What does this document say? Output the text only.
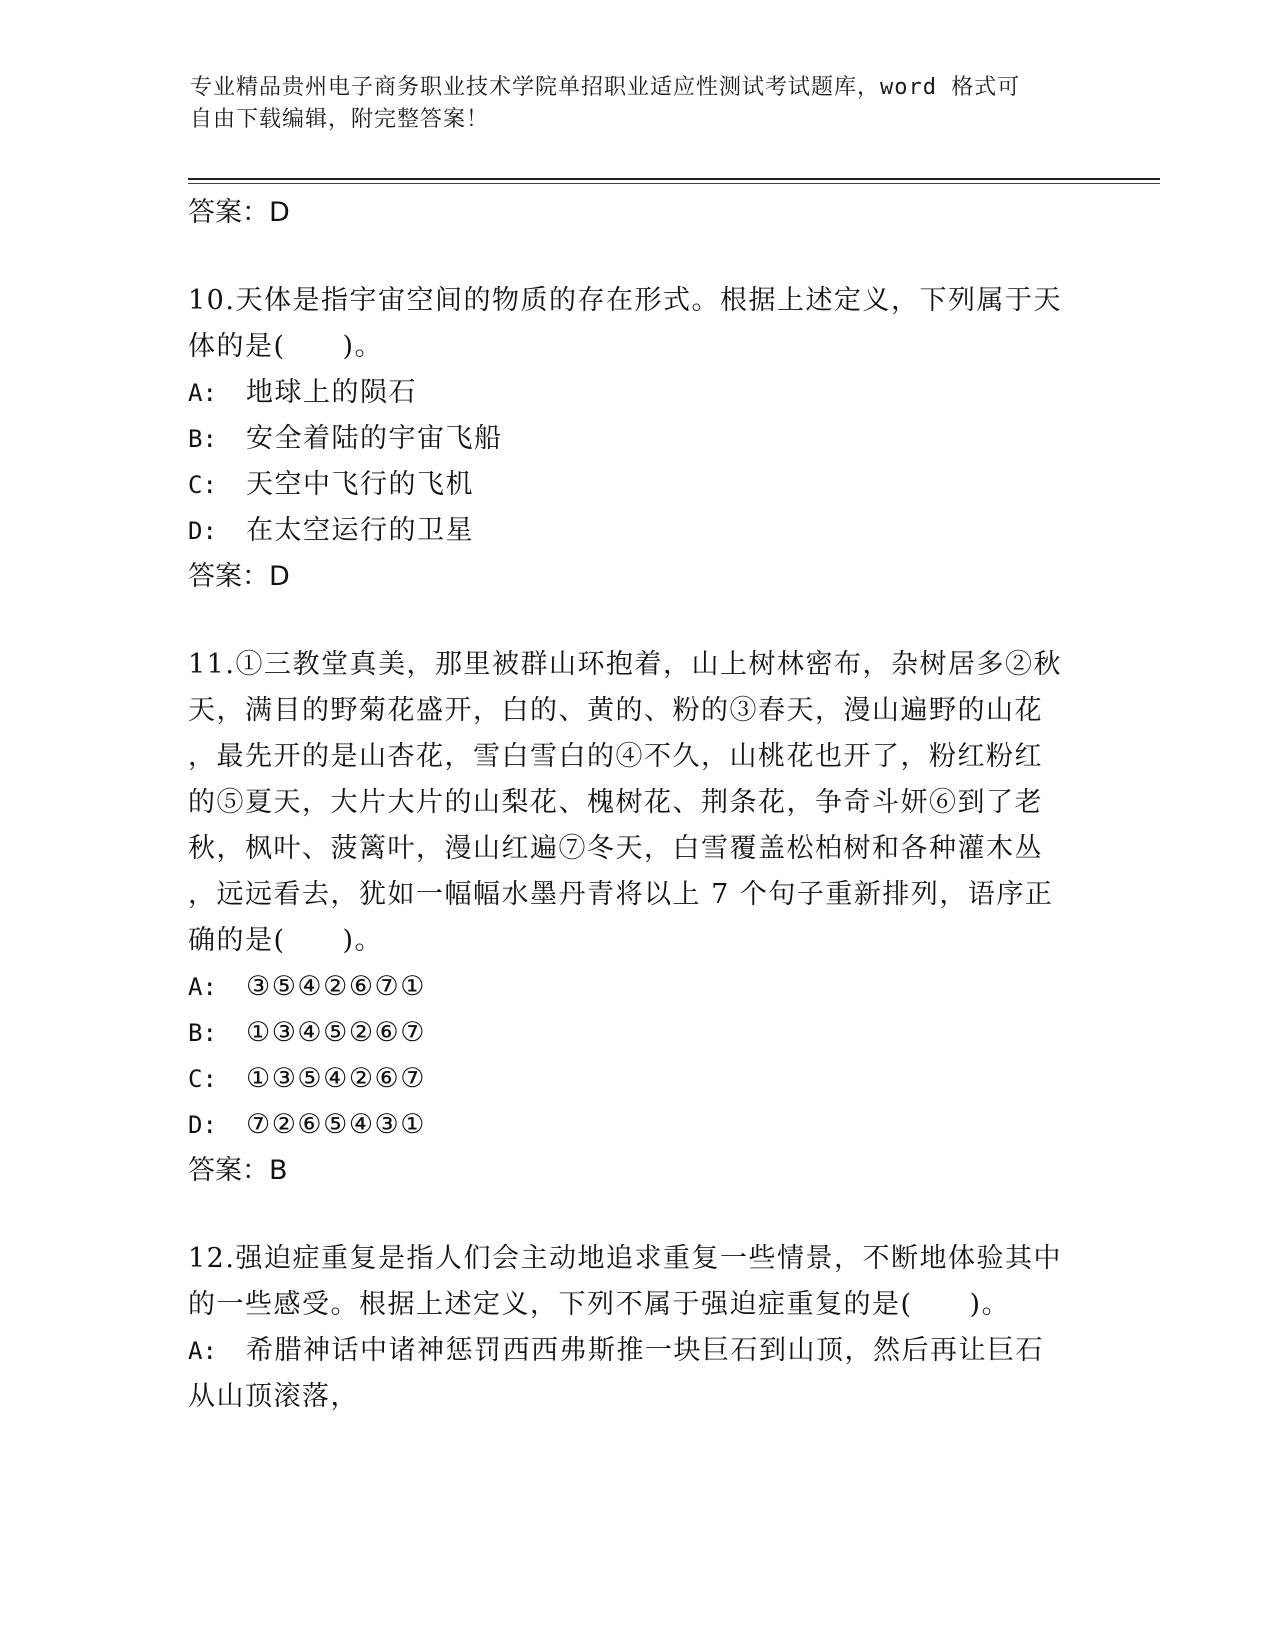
专业精品贵州电子商务职业技术学院单招职业适应性测试考试题库，word 格式可
自由下载编辑，附完整答案！

答案：D

10.天体是指宇宙空间的物质的存在形式。根据上述定义，下列属于天
体的是(　　)。

A: 地球上的陨石
B: 安全着陆的宇宙飞船
C: 天空中飞行的飞机
D: 在太空运行的卫星

答案：D

11.①三教堂真美，那里被群山环抱着，山上树林密布，杂树居多②秋
天，满目的野菊花盛开，白的、黄的、粉的③春天，漫山遍野的山花
，最先开的是山杏花，雪白雪白的④不久，山桃花也开了，粉红粉红
的⑤夏天，大片大片的山梨花、槐树花、荆条花，争奇斗妍⑥到了老
秋，枫叶、菠篱叶，漫山红遍⑦冬天，白雪覆盖松柏树和各种灌木丛
，远远看去，犹如一幅幅水墨丹青将以上 7 个句子重新排列，语序正
确的是(　　)。

A: ③⑤④②⑥⑦①
B: ①③④⑤②⑥⑦
C: ①③⑤④②⑥⑦
D: ⑦②⑥⑤④③①

答案：B

12.强迫症重复是指人们会主动地追求重复一些情景，不断地体验其中
的一些感受。根据上述定义，下列不属于强迫症重复的是(　　)。

A: 希腊神话中诸神惩罚西西弗斯推一块巨石到山顶，然后再让巨石
从山顶滚落，
